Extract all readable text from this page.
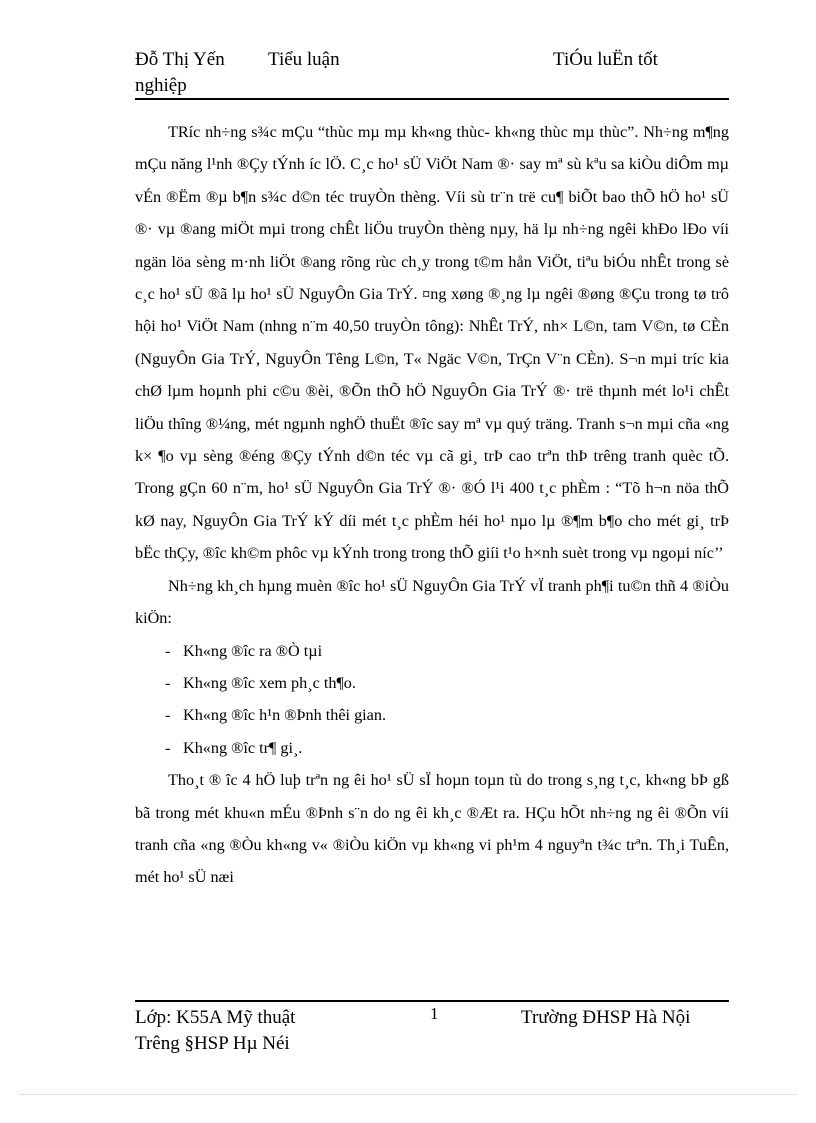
Đỗ Thị Yến Tiểu luận	TiÓu luËn tốt
nghiệp

TRíc nh÷ng s¾c mÇu “thùc mµ mµ kh«ng thùc- kh«ng thùc mµ thùc”. Nh÷ng m¶ng mÇu năng l¹nh ®Çy tÝnh íc lÖ. C¸c ho¹ sÜ ViÖt Nam ®· say mª sù kªu sa kiÒu diÔm mµ vÉn ®Ëm ®µ b¶n s¾c d©n téc truyÒn thèng. Víi sù tr¨n trë cu¶ biÕt bao thÕ hÖ ho¹ sÜ ®· vµ ®ang miÖt mµi trong chÊt liÖu truyÒn thèng nµy, hä lµ nh÷ng ngêi khÐo lÐo víi ngän löa sèng m·nh liÖt ®ang rõng rùc ch¸y trong t©m hån ViÖt, tiªu biÓu nhÊt trong sè c¸c ho¹ sÜ ®ã lµ ho¹ sÜ NguyÔn Gia TrÝ. ¤ng xøng ®¸ng lµ ngêi ®øng ®Çu trong tø trô hội ho¹ ViÖt Nam (nhng n¨m 40,50 truyÒn tông): NhÊt TrÝ, nh× L©n, tam V©n, tø CÈn (NguyÔn Gia TrÝ, NguyÔn Têng L©n, T« Ngäc V©n, TrÇn V¨n CÈn). S¬n mµi tríc kia chØ lµm hoµnh phi c©u ®èi, ®Õn thÕ hÖ NguyÔn Gia TrÝ ®· trë thµnh mét lo¹i chÊt liÖu thîng ®¼ng, mét ngµnh nghÖ thuËt ®îc say mª vµ quý träng. Tranh s¬n mµi cña «ng k× ¶o vµ sèng ®éng ®Çy tÝnh d©n téc vµ cã gi¸ trÞ cao trªn thÞ trêng tranh quèc tÕ. Trong gÇn 60 n¨m, ho¹ sÜ NguyÔn Gia TrÝ ®· ®Ó l¹i 400 t¸c phÈm : “Tõ h¬n nöa thÕ kØ nay, NguyÔn Gia TrÝ kÝ díi mét t¸c phÈm héi ho¹ nµo lµ ®¶m b¶o cho mét gi¸ trÞ bËc thÇy, ®îc kh©m phôc vµ kÝnh trong trong thÕ giíi t¹o h×nh suèt trong vµ ngoµi níc’’

Nh÷ng kh¸ch hµng muèn ®îc ho¹ sÜ NguyÔn Gia TrÝ vÏ tranh ph¶i tu©n thñ 4 ®iÒu kiÖn:

- Kh«ng ®îc ra ®Ò tµi
- Kh«ng ®îc xem ph¸c th¶o.
- Kh«ng ®îc h¹n ®Þnh thêi gian.
- Kh«ng ®îc tr¶ gi¸.

Tho¸t ® îc 4 hÖ luþ trªn ng êi ho¹ sÜ sÏ hoµn toµn tù do trong s¸ng t¸c, kh«ng bÞ gß bã trong mét khu«n mÉu ®Þnh s¨n do ng êi kh¸c ®Æt ra. HÇu hÕt nh÷ng ng êi ®Õn víi tranh cña «ng ®Òu kh«ng v« ®iÒu kiÖn vµ kh«ng vi ph¹m 4 nguyªn t¾c trªn. Th¸i TuÊn, mét ho¹ sÜ næi

Lớp: K55A Mỹ thuật	1	Trường ĐHSP Hà Nội
Trêng §HSP Hµ Néi
